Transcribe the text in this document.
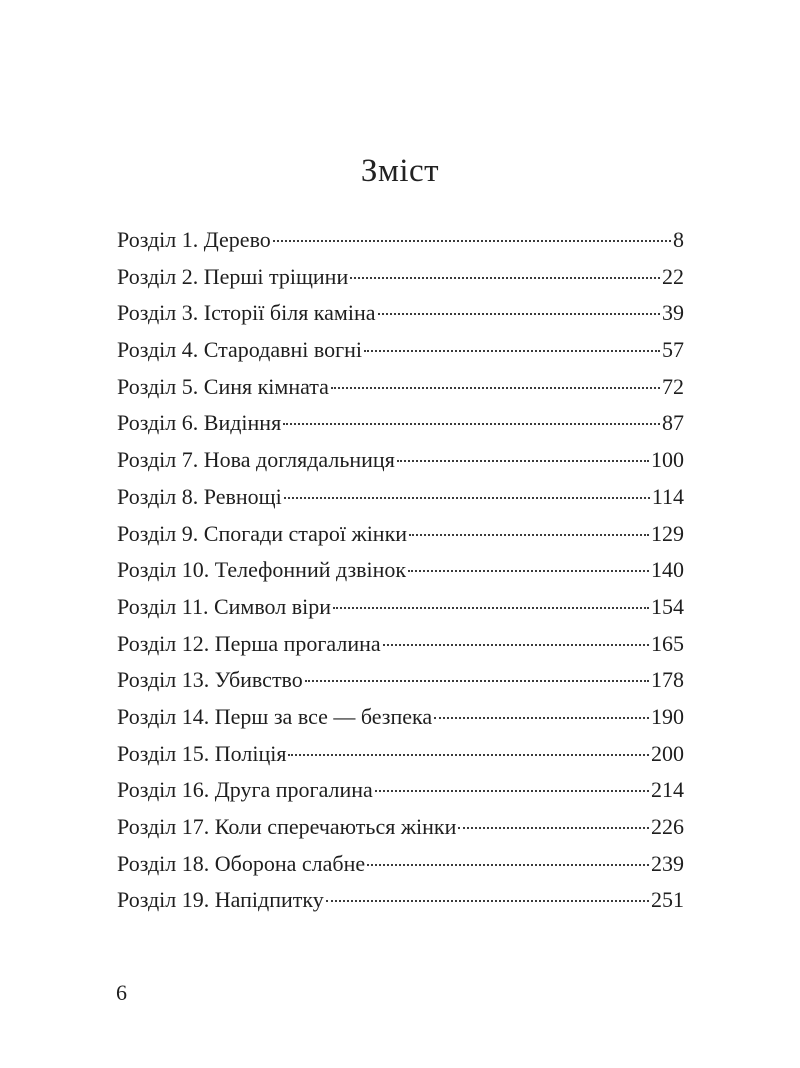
Зміст
Розділ 1. Дерево	8
Розділ 2. Перші тріщини	22
Розділ 3. Історії біля каміна	39
Розділ 4. Стародавні вогні	57
Розділ 5. Синя кімната	72
Розділ 6. Видіння	87
Розділ 7. Нова доглядальниця	100
Розділ 8. Ревнощі	114
Розділ 9. Спогади старої жінки	129
Розділ 10. Телефонний дзвінок	140
Розділ 11. Символ віри	154
Розділ 12. Перша прогалина	165
Розділ 13. Убивство	178
Розділ 14. Перш за все — безпека	190
Розділ 15. Поліція	200
Розділ 16. Друга прогалина	214
Розділ 17. Коли сперечаються жінки	226
Розділ 18. Оборона слабне	239
Розділ 19. Напідпитку	251
6
